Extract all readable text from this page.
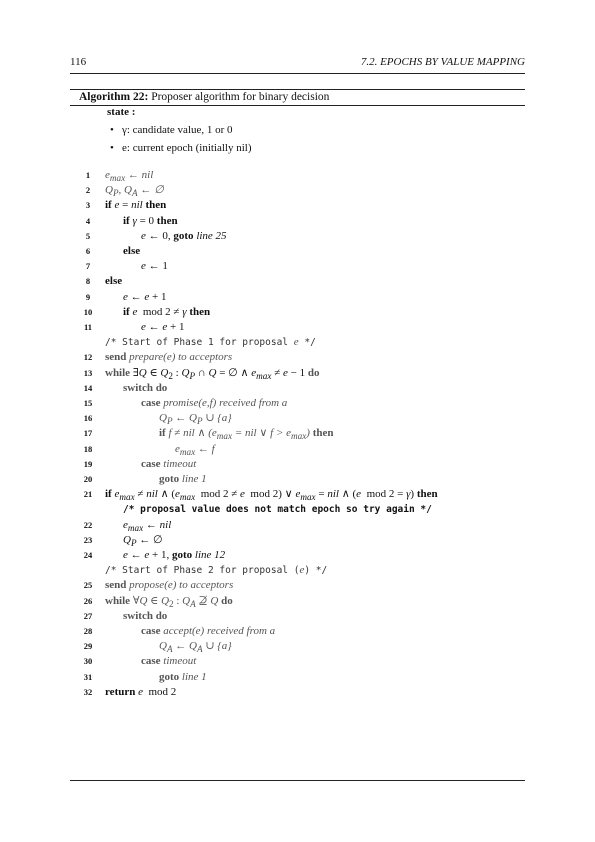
116	7.2. EPOCHS BY VALUE MAPPING
Algorithm 22: Proposer algorithm for binary decision
state :
• γ: candidate value, 1 or 0
• e: current epoch (initially nil)
1	$e_{max}$ ← nil
2	$Q_P$, $Q_A$ ← ∅
3	if e = nil then
4	if γ = 0 then
5	e ← 0, goto line 25
6	else
7	e ← 1
8	else
9	e ← e + 1
10	if e  mod 2 ≠ γ then
11	e ← e + 1
/* Start of Phase 1 for proposal e */
12	send prepare(e) to acceptors
13	while ∃Q ∈ $Q_2$ : $Q_P$ ∩ Q = ∅ ∧ $e_{max} \ne e - 1$ do
14	switch do
15	case promise(e,f) received from a
16	$Q_P$ ← $Q_P$ ∪ {a}
17	if f ≠ nil ∧ ($e_{max}$ = nil ∨ $f > e_{max}$) then
18	$e_{max}$ ← f
19	case timeout
20	goto line 1
21	if $e_{max}$ ≠ nil ∧ ($e_{max}$  mod 2 ≠ e  mod 2) ∨ $e_{max}$ = nil ∧ (e  mod 2 = γ) then
/* proposal value does not match epoch so try again */
22	$e_{max}$ ← nil
23	$Q_P$ ← ∅
24	e ← e + 1, goto line 12
/* Start of Phase 2 for proposal (e) */
25	send propose(e) to acceptors
26	while ∀Q ∈ $Q_2$ : $Q_A$ ⊉ Q do
27	switch do
28	case accept(e) received from a
29	$Q_A$ ← $Q_A$ ∪ {a}
30	case timeout
31	goto line 1
32	return e  mod 2
